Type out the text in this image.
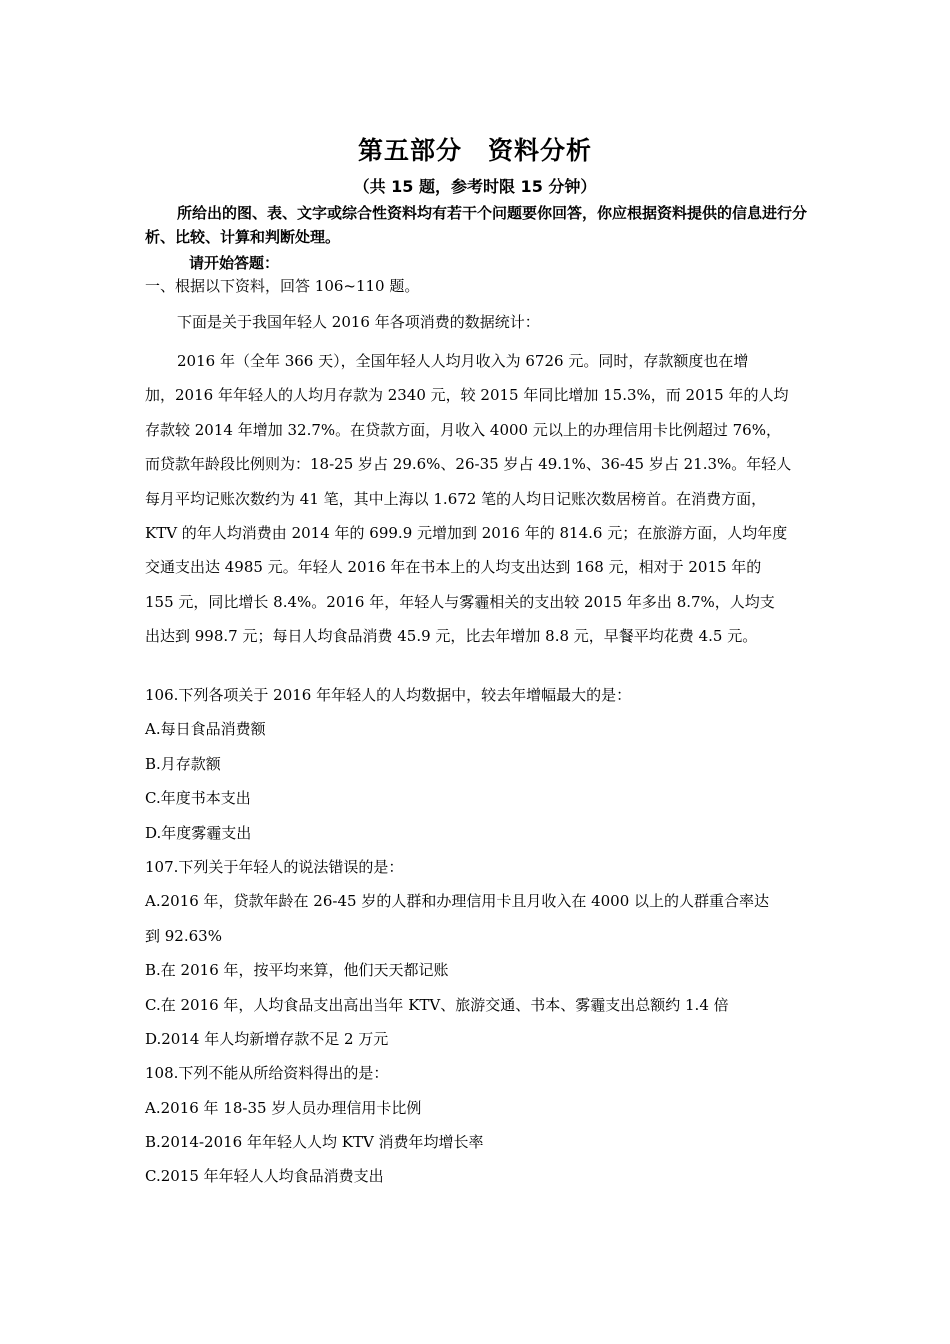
第五部分　资料分析
（共 15 题，参考时限 15 分钟）
所给出的图、表、文字或综合性资料均有若干个问题要你回答，你应根据资料提供的信息进行分析、比较、计算和判断处理。
请开始答题：
一、根据以下资料，回答 106~110 题。
下面是关于我国年轻人 2016 年各项消费的数据统计：
2016 年（全年 366 天），全国年轻人人均月收入为 6726 元。同时，存款额度也在增
加，2016 年年轻人的人均月存款为 2340 元，较 2015 年同比增加 15.3%，而 2015 年的人均
存款较 2014 年增加 32.7%。在贷款方面，月收入 4000 元以上的办理信用卡比例超过 76%，
而贷款年龄段比例则为：18-25 岁占 29.6%、26-35 岁占 49.1%、36-45 岁占 21.3%。年轻人
每月平均记账次数约为 41 笔，其中上海以 1.672 笔的人均日记账次数居榜首。在消费方面，
KTV 的年人均消费由 2014 年的 699.9 元增加到 2016 年的 814.6 元；在旅游方面，人均年度
交通支出达 4985 元。年轻人 2016 年在书本上的人均支出达到 168 元，相对于 2015 年的
155 元，同比增长 8.4%。2016 年，年轻人与雾霾相关的支出较 2015 年多出 8.7%，人均支
出达到 998.7 元；每日人均食品消费 45.9 元，比去年增加 8.8 元，早餐平均花费 4.5 元。
106.下列各项关于 2016 年年轻人的人均数据中，较去年增幅最大的是：
A.每日食品消费额
B.月存款额
C.年度书本支出
D.年度雾霾支出
107.下列关于年轻人的说法错误的是：
A.2016 年，贷款年龄在 26-45 岁的人群和办理信用卡且月收入在 4000 以上的人群重合率达
到 92.63%
B.在 2016 年，按平均来算，他们天天都记账
C.在 2016 年，人均食品支出高出当年 KTV、旅游交通、书本、雾霾支出总额约 1.4 倍
D.2014 年人均新增存款不足 2 万元
108.下列不能从所给资料得出的是：
A.2016 年 18-35 岁人员办理信用卡比例
B.2014-2016 年年轻人人均 KTV 消费年均增长率
C.2015 年年轻人人均食品消费支出
